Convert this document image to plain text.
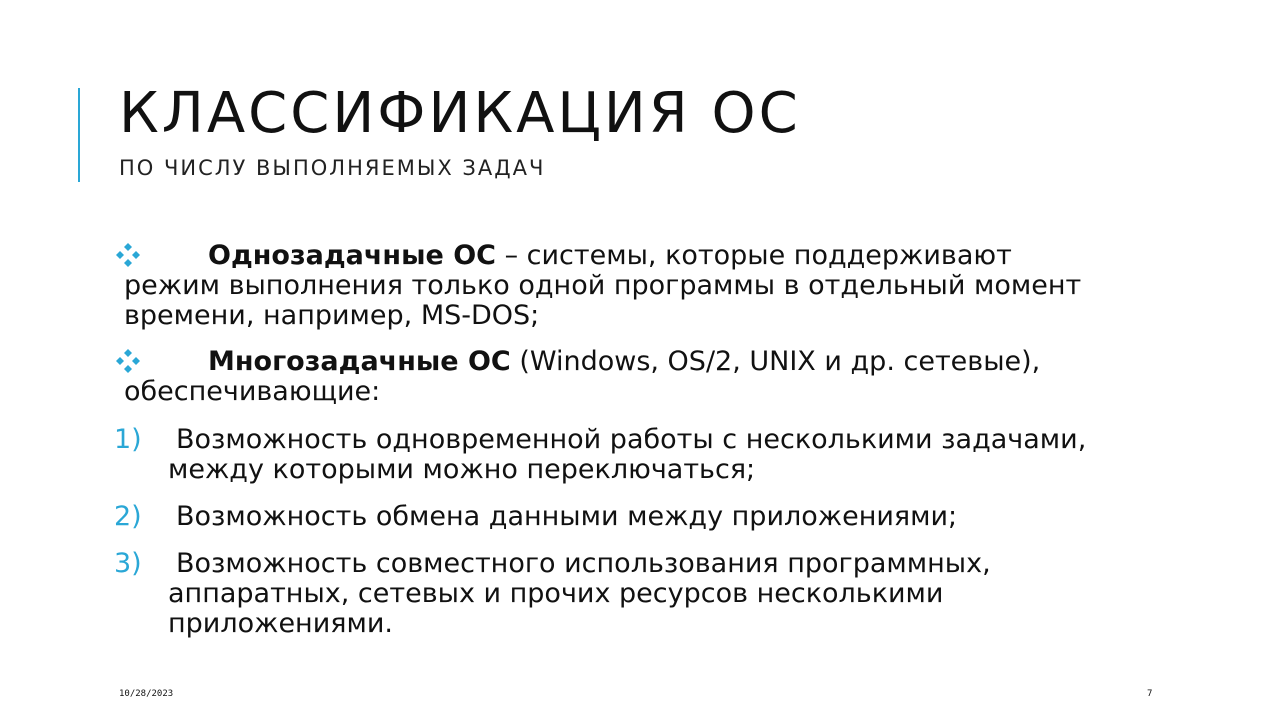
КЛАССИФИКАЦИЯ ОС
ПО ЧИСЛУ ВЫПОЛНЯЕМЫХ ЗАДАЧ
Однозадачные ОС – системы, которые поддерживают
режим выполнения только одной программы в отдельный момент
времени, например, MS-DOS;
Многозадачные ОС (Windows, OS/2, UNIX и др. сетевые),
обеспечивающие:
1) Возможность одновременной работы с несколькими задачами,
между которыми можно переключаться;
2) Возможность обмена данными между приложениями;
3) Возможность совместного использования программных,
аппаратных, сетевых и прочих ресурсов несколькими
приложениями.
10/28/2023	7
